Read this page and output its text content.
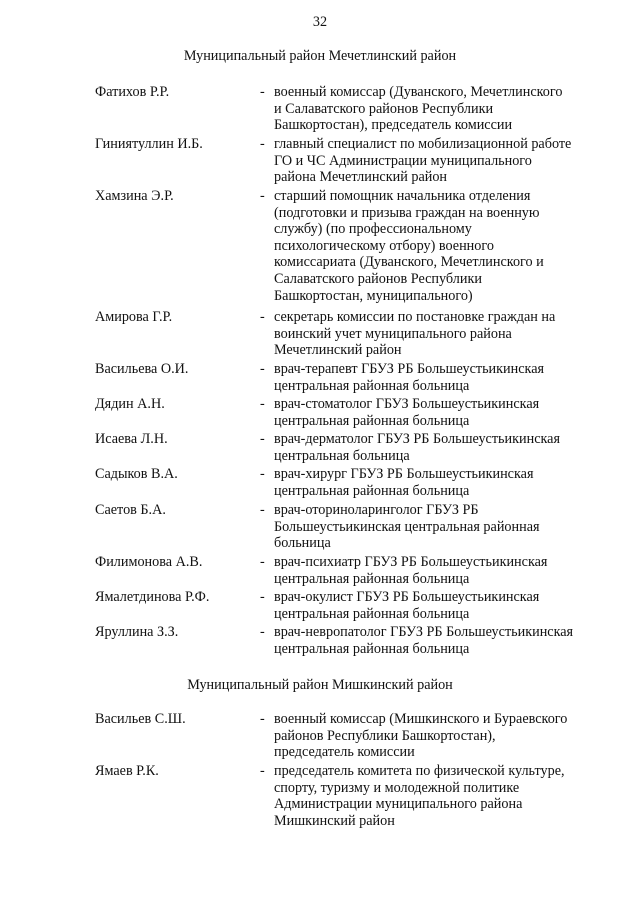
32
Муниципальный район Мечетлинский район
Фатихов Р.Р.	- военный комиссар (Дуванского, Мечетлинского
и Салаватского районов Республики
Башкортостан), председатель комиссии
Гиниятуллин И.Б.	- главный специалист по мобилизационной работе
ГО и ЧС Администрации муниципального
района Мечетлинский район
Хамзина Э.Р.	- старший помощник начальника отделения
(подготовки и призыва граждан на военную
службу) (по профессиональному
психологическому отбору) военного
комиссариата (Дуванского, Мечетлинского и
Салаватского районов Республики
Башкортостан, муниципального)
Амирова Г.Р.	- секретарь комиссии по постановке граждан на
воинский учет муниципального района
Мечетлинский район
Васильева О.И.	- врач-терапевт ГБУЗ РБ Большеустьикинская
центральная районная больница
Дядин А.Н.	- врач-стоматолог ГБУЗ Большеустьикинская
центральная районная больница
Исаева Л.Н.	- врач-дерматолог ГБУЗ РБ Большеустьикинская
центральная больница
Садыков В.А.	- врач-хирург ГБУЗ РБ Большеустьикинская
центральная районная больница
Саетов Б.А.	- врач-оториноларинголог ГБУЗ РБ
Большеустьикинская центральная районная
больница
Филимонова А.В.	- врач-психиатр ГБУЗ РБ Большеустьикинская
центральная районная больница
Ямалетдинова Р.Ф.	- врач-окулист ГБУЗ РБ Большеустьикинская
центральная районная больница
Яруллина З.З.	- врач-невропатолог ГБУЗ РБ Большеустьикинская
центральная районная больница
Муниципальный район Мишкинский район
Васильев С.Ш.	- военный комиссар (Мишкинского и Бураевского
районов Республики Башкортостан),
председатель комиссии
Ямаев Р.К.	- председатель комитета по физической культуре,
спорту, туризму и молодежной политике
Администрации муниципального района
Мишкинский район
